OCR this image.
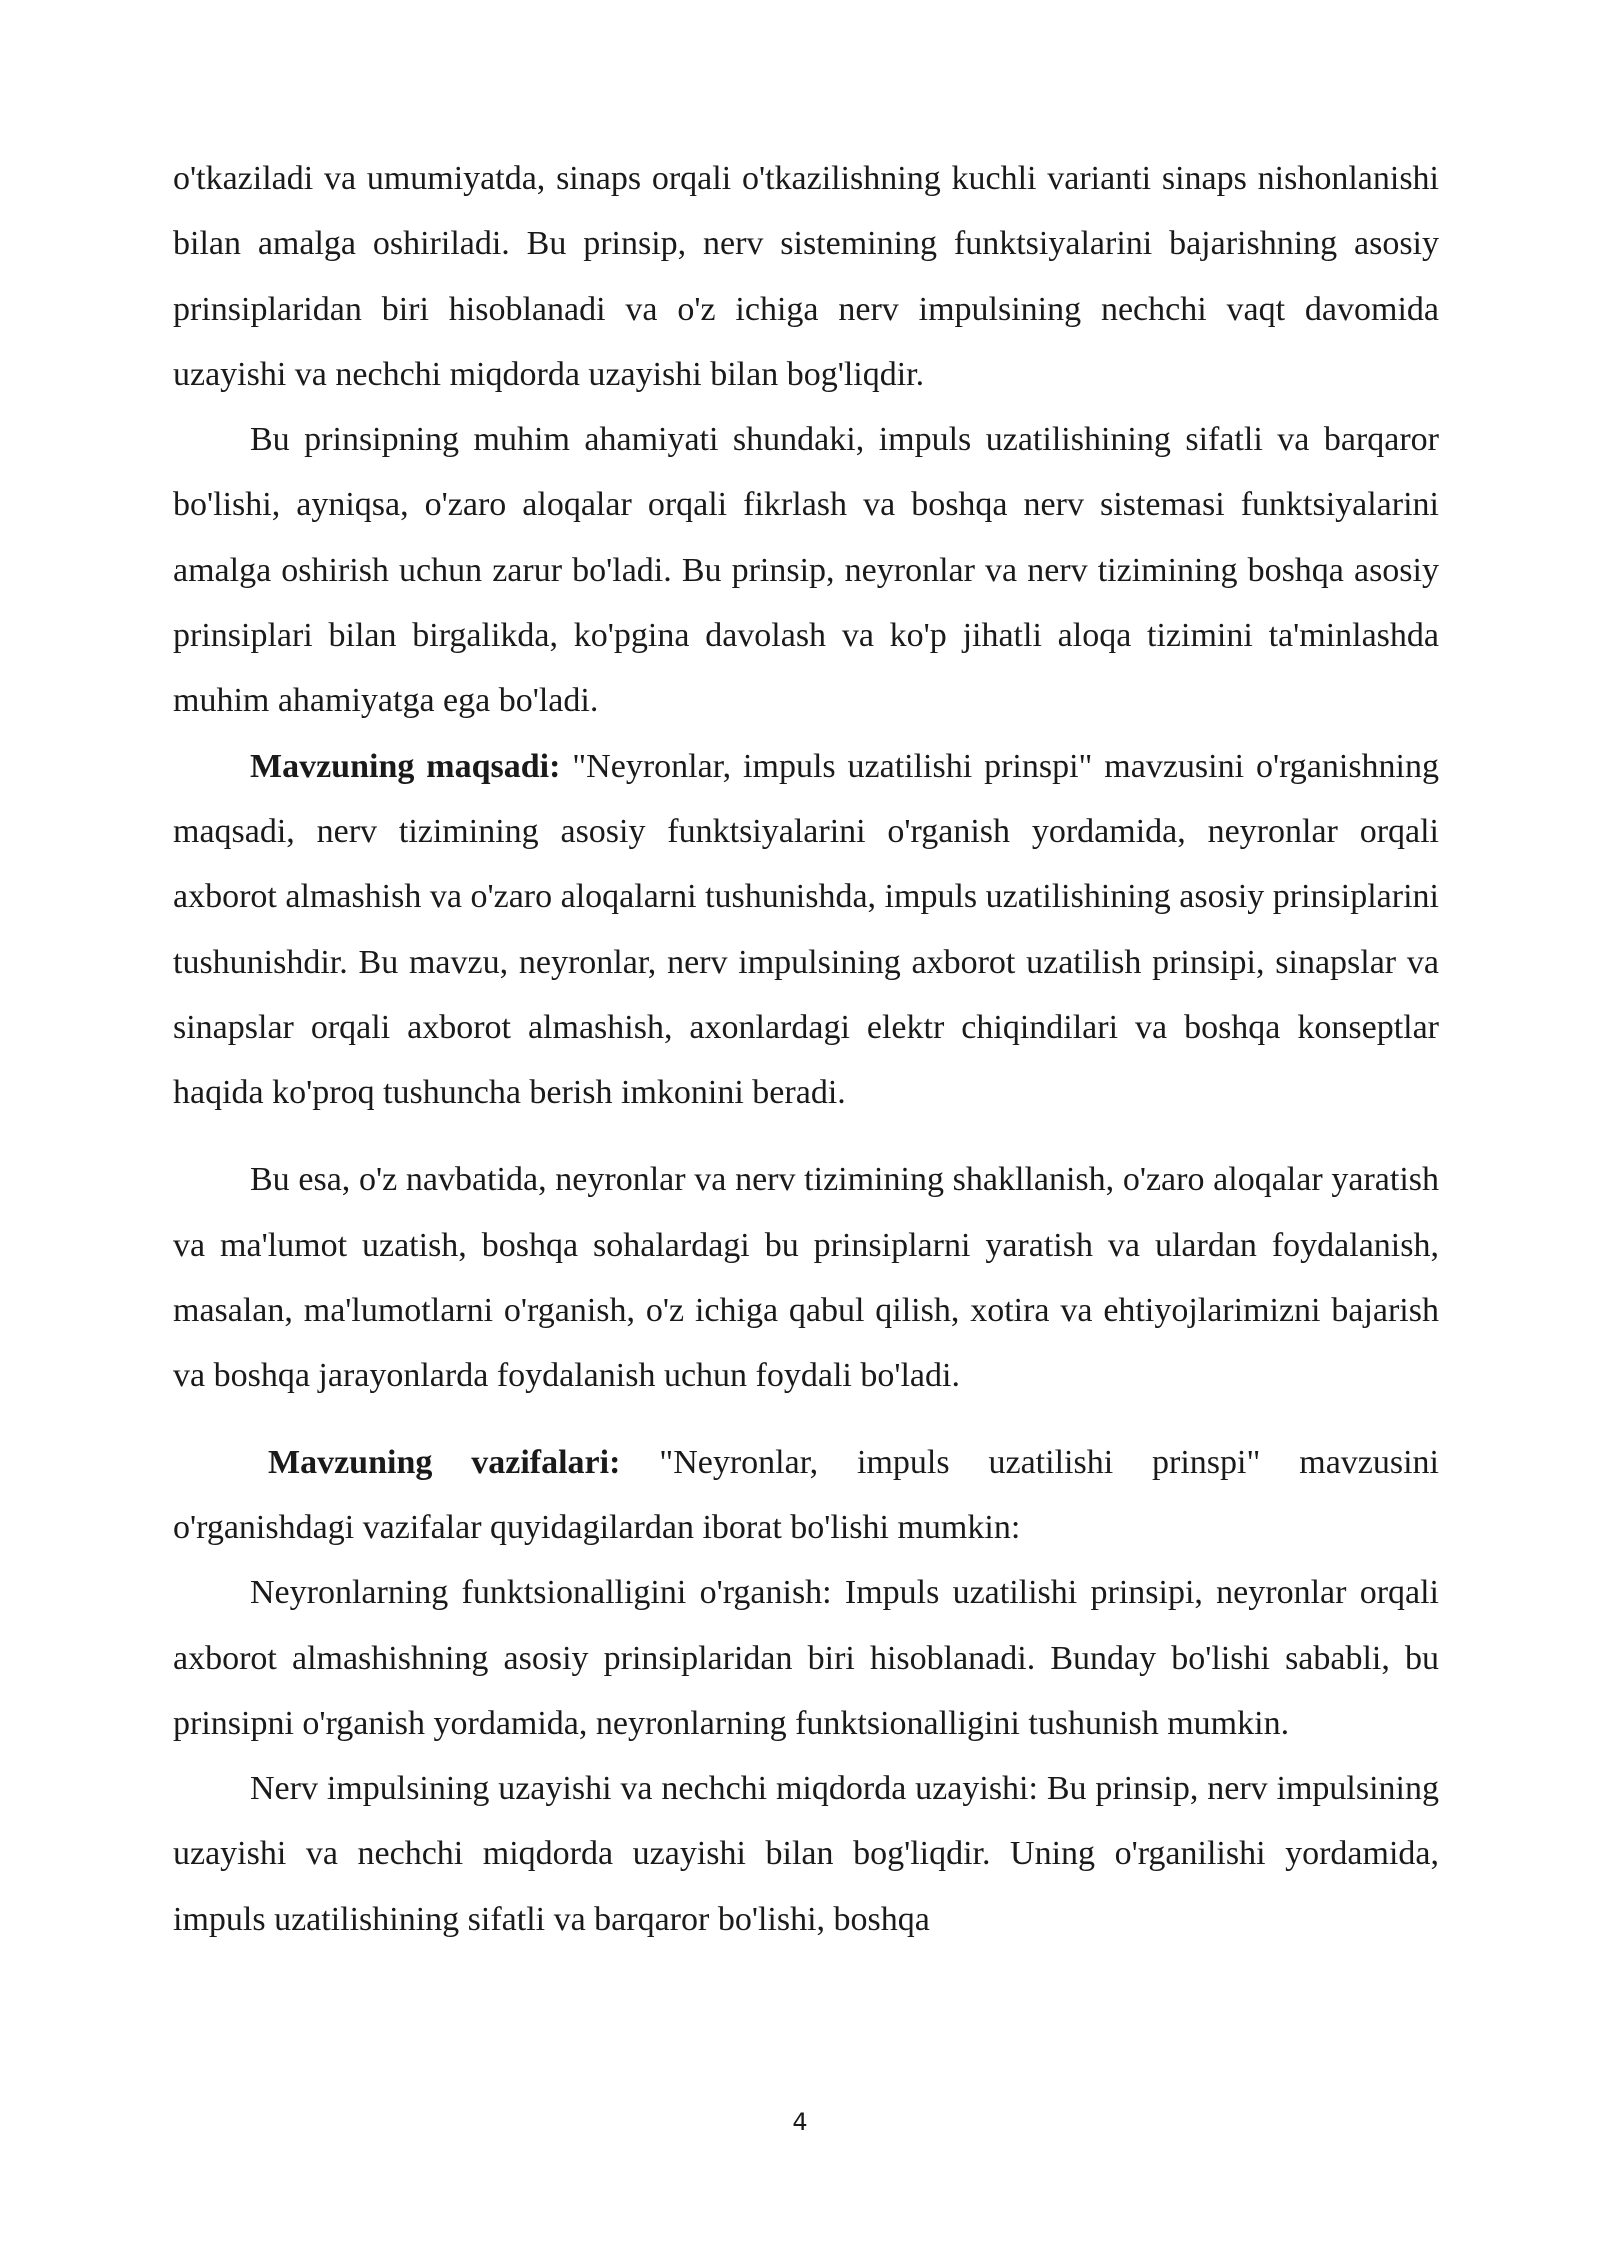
o'tkaziladi va umumiyatda, sinaps orqali o'tkazilishning kuchli varianti sinaps nishonlanishi bilan amalga oshiriladi. Bu prinsip, nerv sistemining funktsiyalarini bajarishning asosiy prinsiplaridan biri hisoblanadi va o'z ichiga nerv impulsining nechchi vaqt davomida uzayishi va nechchi miqdorda uzayishi bilan bog'liqdir.

Bu prinsipning muhim ahamiyati shundaki, impuls uzatilishining sifatli va barqaror bo'lishi, ayniqsa, o'zaro aloqalar orqali fikrlash va boshqa nerv sistemasi funktsiyalarini amalga oshirish uchun zarur bo'ladi. Bu prinsip, neyronlar va nerv tizimining boshqa asosiy prinsiplari bilan birgalikda, ko'pgina davolash va ko'p jihatli aloqa tizimini ta'minlashda muhim ahamiyatga ega bo'ladi.

Mavzuning maqsadi: "Neyronlar, impuls uzatilishi prinspi" mavzusini o'rganishning maqsadi, nerv tizimining asosiy funktsiyalarini o'rganish yordamida, neyronlar orqali axborot almashish va o'zaro aloqalarni tushunishda, impuls uzatilishining asosiy prinsiplarini tushunishdir. Bu mavzu, neyronlar, nerv impulsining axborot uzatilish prinsipi, sinapslar va sinapslar orqali axborot almashish, axonlardagi elektr chiqindilari va boshqa konseptlar haqida ko'proq tushuncha berish imkonini beradi.

Bu esa, o'z navbatida, neyronlar va nerv tizimining shakllanish, o'zaro aloqalar yaratish va ma'lumot uzatish, boshqa sohalardagi bu prinsiplarni yaratish va ulardan foydalanish, masalan, ma'lumotlarni o'rganish, o'z ichiga qabul qilish, xotira va ehtiyojlarimizni bajarish va boshqa jarayonlarda foydalanish uchun foydali bo'ladi.

Mavzuning vazifalari: "Neyronlar, impuls uzatilishi prinspi" mavzusini o'rganishdagi vazifalar quyidagilardan iborat bo'lishi mumkin:

Neyronlarning funktsionalligini o'rganish: Impuls uzatilishi prinsipi, neyronlar orqali axborot almashishning asosiy prinsiplaridan biri hisoblanadi. Bunday bo'lishi sababli, bu prinsipni o'rganish yordamida, neyronlarning funktsionalligini tushunish mumkin.

Nerv impulsining uzayishi va nechchi miqdorda uzayishi: Bu prinsip, nerv impulsining uzayishi va nechchi miqdorda uzayishi bilan bog'liqdir. Uning o'rganilishi yordamida, impuls uzatilishining sifatli va barqaror bo'lishi, boshqa

4
